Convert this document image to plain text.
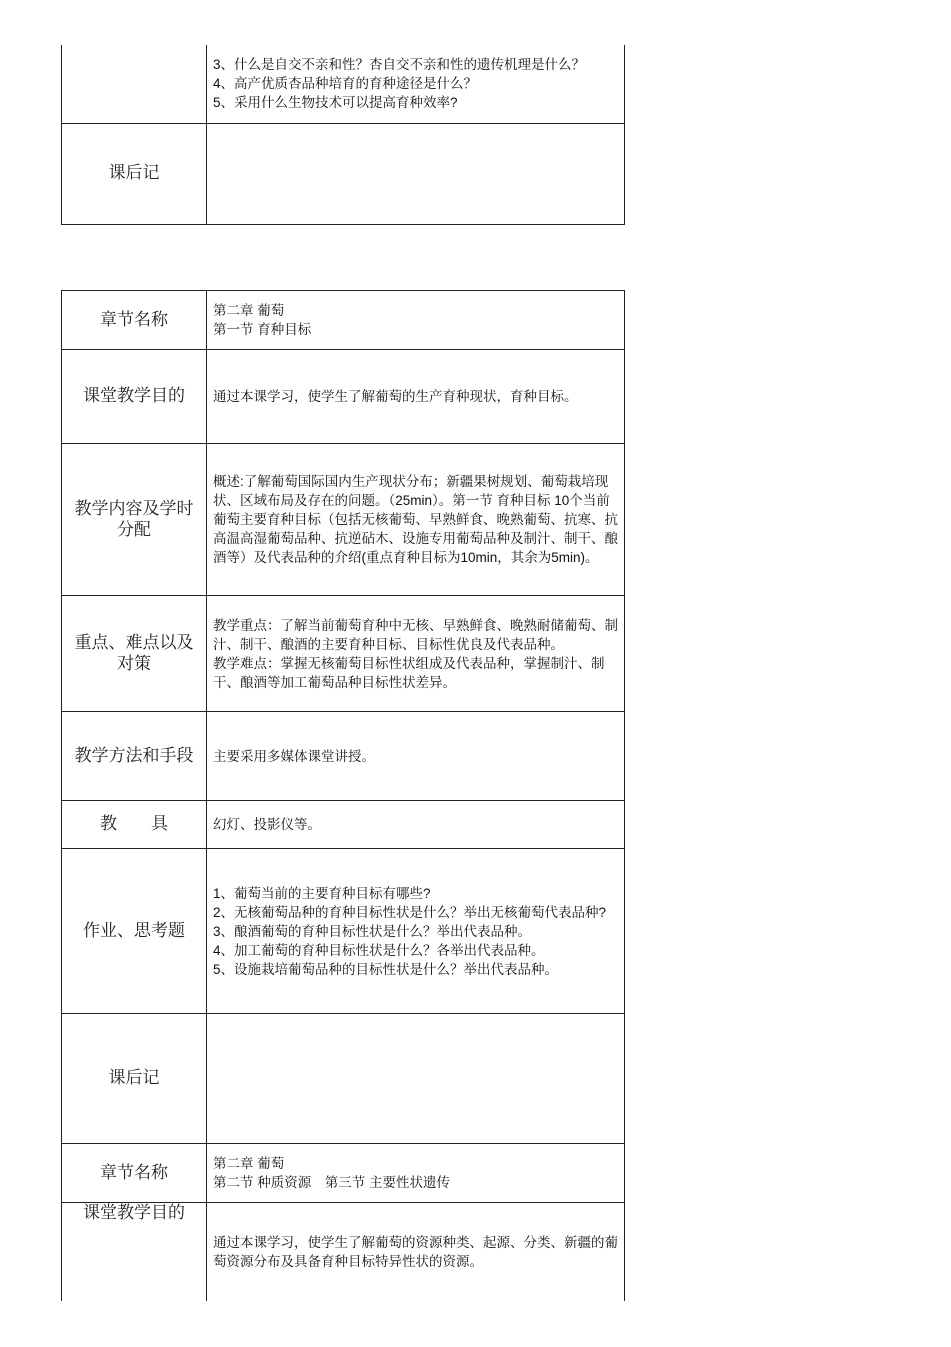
	3、什么是自交不亲和性？杏自交不亲和性的遗传机理是什么？

4、高产优质杏品种培育的育种途径是什么？

5、采用什么生物技术可以提高育种效率?

课后记	
章节名称	第二章 葡萄

第一节 育种目标

课堂教学目的	通过本课学习，使学生了解葡萄的生产育种现状，育种目标。
教学内容及学时分配	概述:了解葡萄国际国内生产现状分布；新疆果树规划、葡萄栽培现状、区域布局及存在的问题。（25min）。第一节 育种目标 10个当前葡萄主要育种目标（包括无核葡萄、早熟鲜食、晚熟葡萄、抗寒、抗高温高湿葡萄品种、抗逆砧木、设施专用葡萄品种及制汁、制干、酿酒等）及代表品种的介绍(重点育种目标为10min，其余为5min)。
重点、难点以及对策	教学重点：了解当前葡萄育种中无核、早熟鲜食、晚熟耐储葡萄、制汁、制干、酿酒的主要育种目标、目标性优良及代表品种。

教学难点：掌握无核葡萄目标性状组成及代表品种，掌握制汁、制干、酿酒等加工葡萄品种目标性状差异。

教学方法和手段	主要采用多媒体课堂讲授。
教　　具	幻灯、投影仪等。
作业、思考题	1、葡萄当前的主要育种目标有哪些?

2、无核葡萄品种的育种目标性状是什么？举出无核葡萄代表品种?

3、酿酒葡萄的育种目标性状是什么？举出代表品种。

4、加工葡萄的育种目标性状是什么？各举出代表品种。

5、设施栽培葡萄品种的目标性状是什么？举出代表品种。

课后记	
章节名称	第二章 葡萄

第二节 种质资源　第三节 主要性状遗传

课堂教学目的	通过本课学习，使学生了解葡萄的资源种类、起源、分类、新疆的葡萄资源分布及具备育种目标特异性状的资源。
